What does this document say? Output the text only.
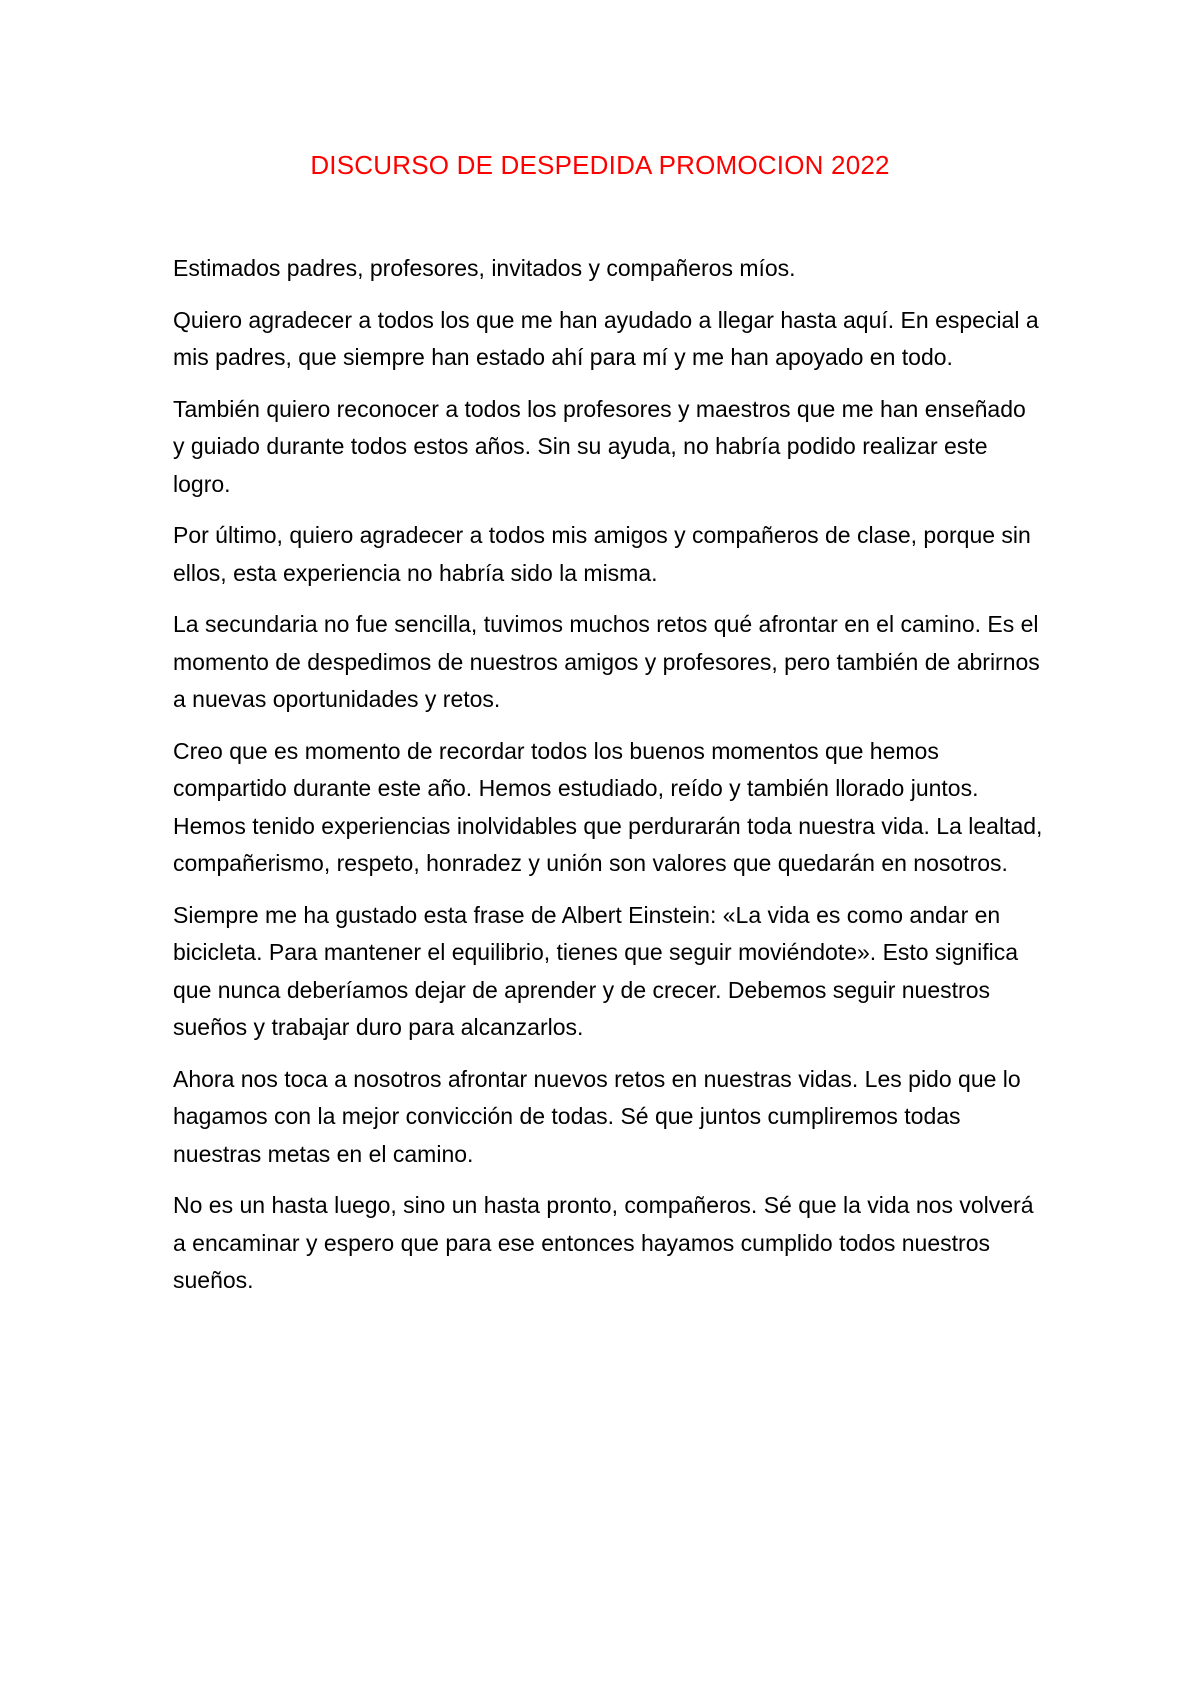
DISCURSO DE DESPEDIDA PROMOCION 2022

Estimados padres, profesores, invitados y compañeros míos.

Quiero agradecer a todos los que me han ayudado a llegar hasta aquí. En especial a mis padres, que siempre han estado ahí para mí y me han apoyado en todo.

También quiero reconocer a todos los profesores y maestros que me han enseñado y guiado durante todos estos años. Sin su ayuda, no habría podido realizar este logro.

Por último, quiero agradecer a todos mis amigos y compañeros de clase, porque sin ellos, esta experiencia no habría sido la misma.

La secundaria no fue sencilla, tuvimos muchos retos qué afrontar en el camino. Es el momento de despedimos de nuestros amigos y profesores, pero también de abrirnos a nuevas oportunidades y retos.

Creo que es momento de recordar todos los buenos momentos que hemos compartido durante este año. Hemos estudiado, reído y también llorado juntos. Hemos tenido experiencias inolvidables que perdurarán toda nuestra vida. La lealtad, compañerismo, respeto, honradez y unión son valores que quedarán en nosotros.

Siempre me ha gustado esta frase de Albert Einstein: «La vida es como andar en bicicleta. Para mantener el equilibrio, tienes que seguir moviéndote». Esto significa que nunca deberíamos dejar de aprender y de crecer. Debemos seguir nuestros sueños y trabajar duro para alcanzarlos.

Ahora nos toca a nosotros afrontar nuevos retos en nuestras vidas. Les pido que lo hagamos con la mejor convicción de todas. Sé que juntos cumpliremos todas nuestras metas en el camino.

No es un hasta luego, sino un hasta pronto, compañeros. Sé que la vida nos volverá a encaminar y espero que para ese entonces hayamos cumplido todos nuestros sueños.
